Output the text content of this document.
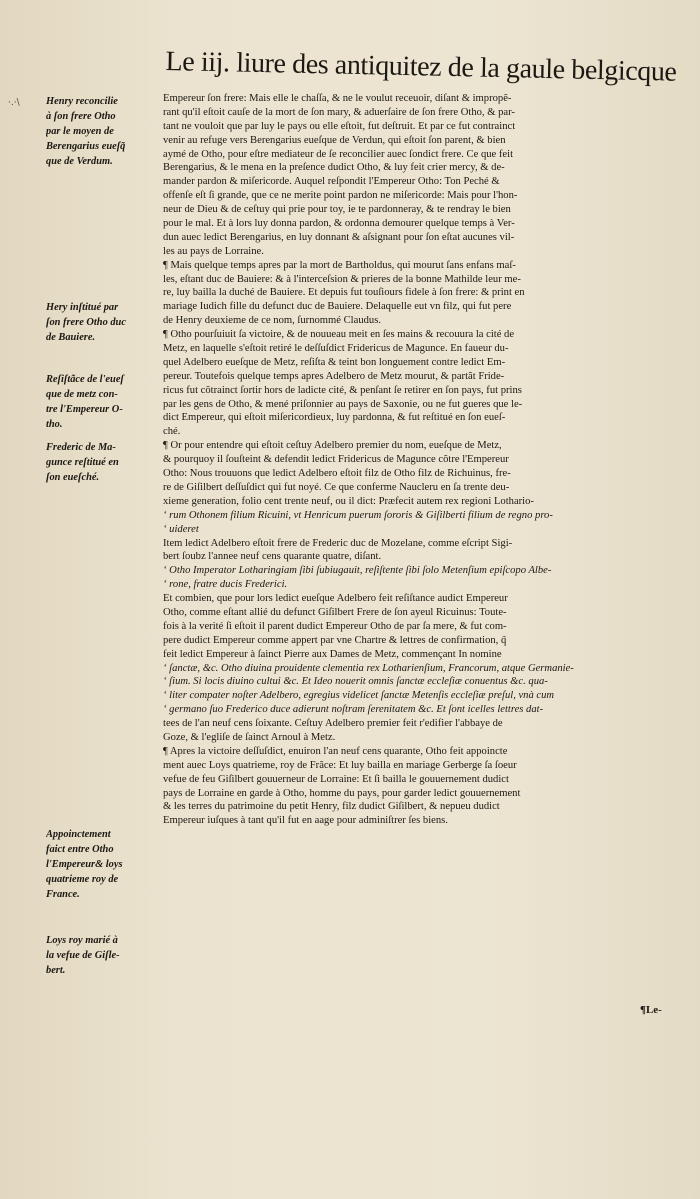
Le iij. liure des antiquitez de la gaule belgicque
·.·\	Henry reconcilie
à ſon frere Otho
par le moyen de
Berengarius eueſq̃
que de Verdum.
Hery inſtitué par
ſon frere Otho duc
de Bauiere.
Reſiſtãce de l'eueſ
que de metz con-
tre l'Empereur O-
tho.
Frederic de Ma-
gunce reſtitué en
ſon eueſché.
Appoinctement
faict entre Otho
l'Empereur& loys
quatrieme roy de
France.
Loys roy marié à
la vefue de Giſle-
bert.
Empereur ſon frere: Mais elle le chaſſa, & ne le voulut receuoir, diſant & impropẽ-
rant qu'il eſtoit cauſe de la mort de ſon mary, & aduerſaire de ſon frere Otho, & par-
tant ne vouloit que par luy le pays ou elle eſtoit, fut deſtruit. Et par ce fut contrainct
venir au refuge vers Berengarius eueſque de Verdun, qui eſtoit ſon parent, & bien
aymé de Otho, pour eſtre mediateur de ſe reconcilier auec ſondict frere. Ce que feit
Berengarius, & le mena en la preſence dudict Otho, & luy feit crier mercy, & de-
mander pardon & miſericorde. Auquel reſpondit l'Empereur Otho: Ton Peché &
offenſe eſt ſi grande, que ce ne merite point pardon ne miſericorde: Mais pour l'hon-
neur de Dieu & de ceſtuy qui prie pour toy, ie te pardonneray, & te rendray le bien
pour le mal. Et à lors luy donna pardon, & ordonna demourer quelque temps à Ver-
dun auec ledict Berengarius, en luy donnant & aſsignant pour ſon eſtat aucunes vil-
les au pays de Lorraine.
¶ Mais quelque temps apres par la mort de Bartholdus, qui mourut ſans enfans maſ-
les, eſtant duc de Bauiere: & à l'interceſsion & prieres de la bonne Mathilde leur me-
re, luy bailla la duché de Bauiere. Et depuis fut touſiours fidele à ſon frere: & print en
mariage Iudich fille du defunct duc de Bauiere. Delaquelle eut vn filz, qui fut pere
de Henry deuxieme de ce nom, ſurnommé Claudus.
¶ Otho pourſuiuit ſa victoire, & de nouueau meit en ſes mains & recouura la cité de
Metz, en laquelle s'eſtoit retiré le deſſuſdict Fridericus de Magunce. En faueur du-
quel Adelbero eueſque de Metz, reſiſta & teint bon longuement contre ledict Em-
pereur. Toutefois quelque temps apres Adelbero de Metz mourut, & partãt Fride-
ricus fut cõtrainct ſortir hors de ladicte cité, & penſant ſe retirer en ſon pays, fut prins
par les gens de Otho, & mené priſonnier au pays de Saxonie, ou ne fut gueres que le-
dict Empereur, qui eſtoit miſericordieux, luy pardonna, & fut reſtitué en ſon eueſ-
ché.
¶ Or pour entendre qui eſtoit ceſtuy Adelbero premier du nom, eueſque de Metz,
& pourquoy il ſouſteint & defendit ledict Fridericus de Magunce cõtre l'Empereur
Otho: Nous trouuons que ledict Adelbero eſtoit filz de Otho filz de Richuinus, fre-
re de Giſilbert deſſuſdict qui fut noyé. Ce que conferme Naucleru en ſa trente deu-
xieme generation, folio cent trente neuf, ou il dict: Præfecit autem rex regioni Lothario-
‘ rum Othonem filium Ricuini, vt Henricum puerum ſororis & Giſilberti filium de regno pro-
‘ uideret
Item ledict Adelbero eſtoit frere de Frederic duc de Mozelane, comme eſcript Sigi-
bert ſoubz l'annee neuf cens quarante quatre, diſant.
‘ Otho Imperator Lotharingiam ſibi ſubiugauit, reſiſtente ſibi ſolo Metenſium epiſcopo Albe-
‘ rone, fratre ducis Frederici.
Et combien, que pour lors ledict eueſque Adelbero feit reſiſtance audict Empereur
Otho, comme eſtant allié du defunct Giſilbert Frere de ſon ayeul Ricuinus: Toute-
fois à la verité ſi eſtoit il parent dudict Empereur Otho de par ſa mere, & fut com-
pere dudict Empereur comme appert par vne Chartre & lettres de confirmation, q̃
feit ledict Empereur à ſainct Pierre aux Dames de Metz, commençant In nomine
‘ ſanctæ, &c. Otho diuina prouidente clementia rex Lotharienſium, Francorum, atque Germanie-
‘ ſium. Si locis diuino cultui &c. Et Ideo nouerit omnis ſanctæ eccleſiæ conuentus &c. qua-
‘ liter compater noſter Adelbero, egregius videlicet ſanctæ Metenſis eccleſiæ preſul, vnà cum
‘ germano ſuo Frederico duce adierunt noſtram ſerenitatem &c. Et ſont icelles lettres dat-
tees de l'an neuf cens ſoixante. Ceſtuy Adelbero premier feit r'edifier l'abbaye de
Goze, & l'egliſe de ſainct Arnoul à Metz.
¶ Apres la victoire deſſuſdict, enuiron l'an neuf cens quarante, Otho feit appoincte
ment auec Loys quatrieme, roy de Frãce: Et luy bailla en mariage Gerberge ſa ſoeur
vefue de feu Giſilbert gouuerneur de Lorraine: Et ſi bailla le gouuernement dudict
pays de Lorraine en garde à Otho, homme du pays, pour garder ledict gouuernement
& les terres du patrimoine du petit Henry, filz dudict Giſilbert, & nepueu dudict
Empereur iuſques à tant qu'il fut en aage pour adminiſtrer ſes biens.
¶Le-
